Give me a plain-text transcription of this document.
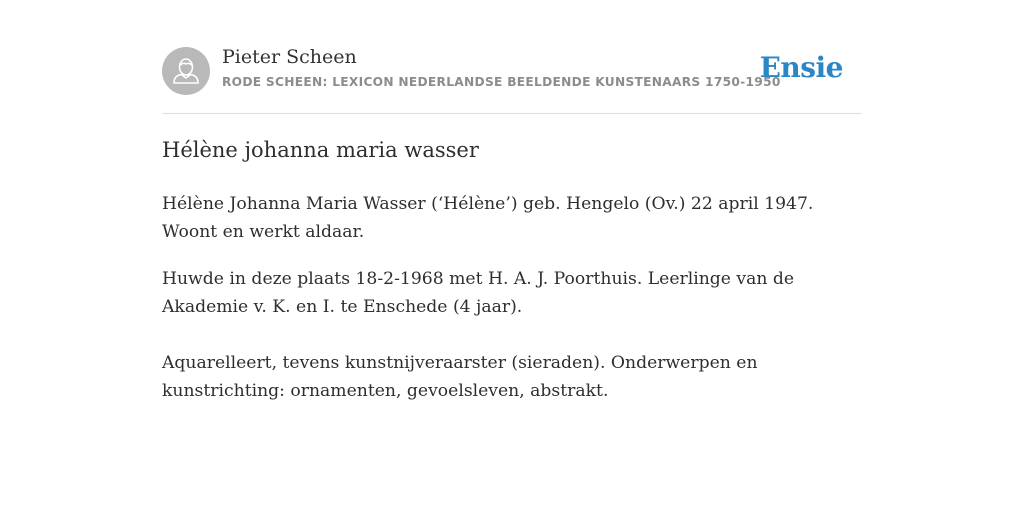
Pieter Scheen
RODE SCHEEN: LEXICON NEDERLANDSE BEELDENDE KUNSTENAARS 1750-1950
Ensie
Hélène johanna maria wasser

Hélène Johanna Maria Wasser (‘Hélène’) geb. Hengelo (Ov.) 22 april 1947. Woont en werkt aldaar.

Huwde in deze plaats 18-2-1968 met H. A. J. Poorthuis. Leerlinge van de Akademie v. K. en I. te Enschede (4 jaar).

Aquarelleert, tevens kunstnijveraarster (sieraden). Onderwerpen en kunstrichting: ornamenten, gevoelsleven, abstrakt.
